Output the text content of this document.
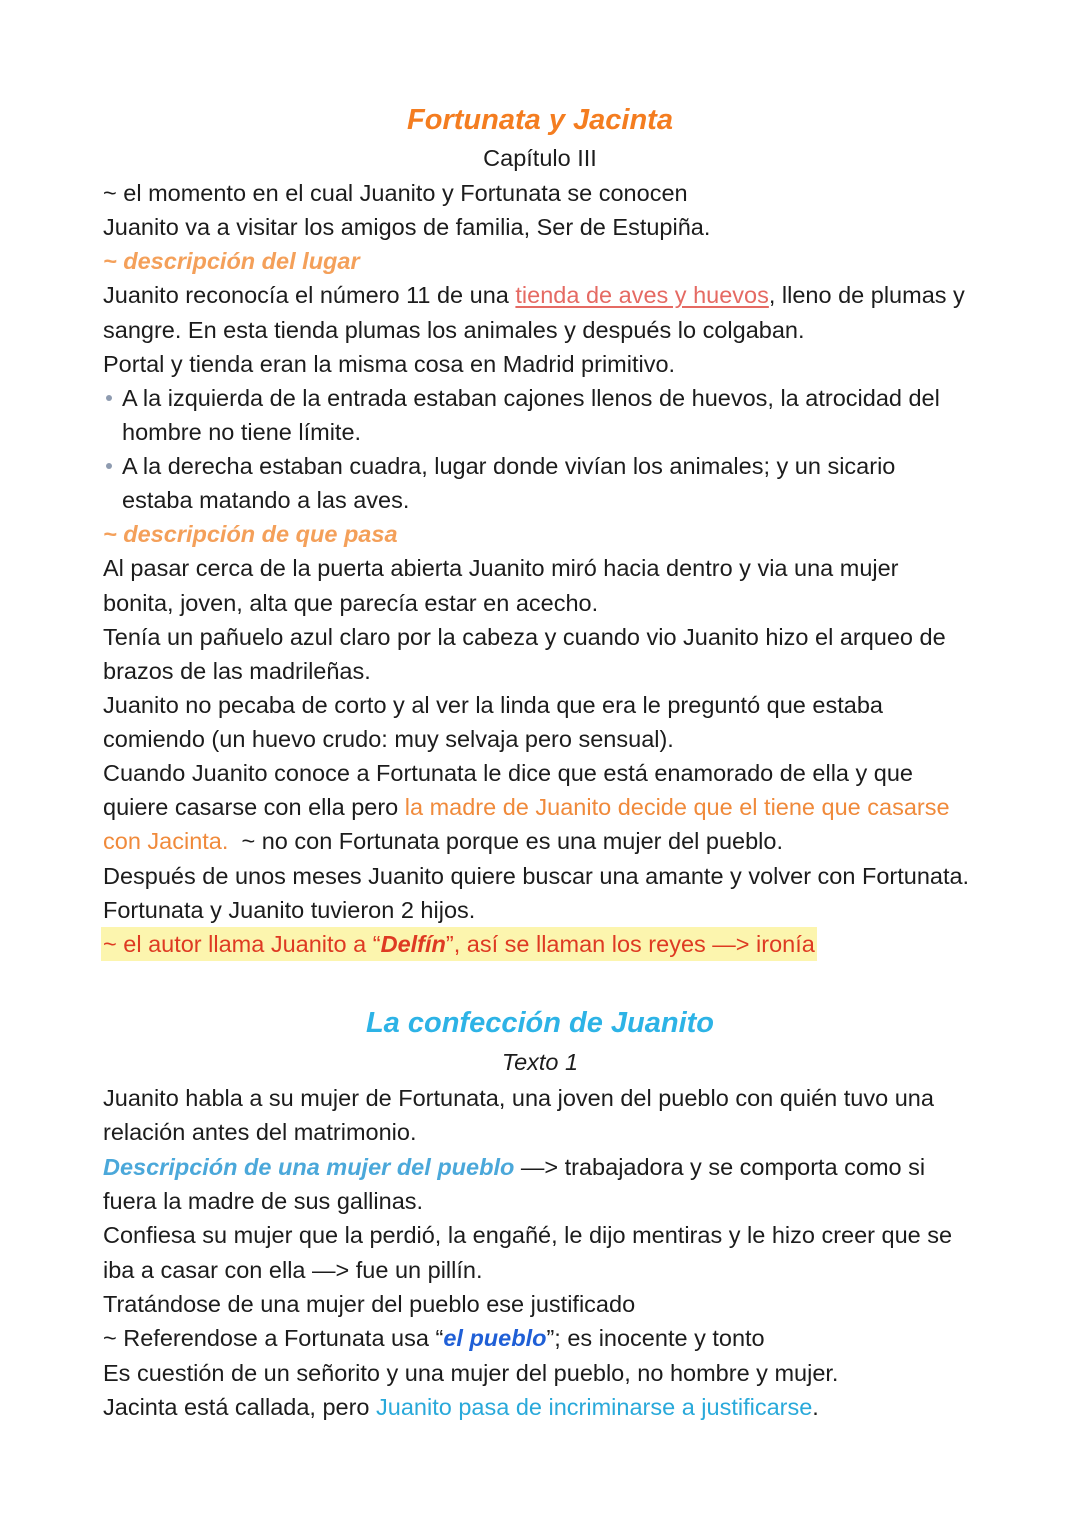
Fortunata y Jacinta
Capítulo III
~ el momento en el cual Juanito y Fortunata se conocen
Juanito va a visitar los amigos de familia, Ser de Estupiña.
~ descripción del lugar
Juanito reconocía el número 11 de una tienda de aves y huevos, lleno de plumas y
sangre. En esta tienda plumas los animales y después lo colgaban.
Portal y tienda eran la misma cosa en Madrid primitivo.
A la izquierda de la entrada estaban cajones llenos de huevos, la atrocidad del
hombre no tiene límite.
A la derecha estaban cuadra, lugar donde vivían los animales; y un sicario
estaba matando a las aves.
~ descripción de que pasa
Al pasar cerca de la puerta abierta Juanito miró hacia dentro y via una mujer
bonita, joven, alta que parecía estar en acecho.
Tenía un pañuelo azul claro por la cabeza y cuando vio Juanito hizo el arqueo de
brazos de las madrileñas.
Juanito no pecaba de corto y al ver la linda que era le preguntó que estaba
comiendo (un huevo crudo: muy selvaja pero sensual).
Cuando Juanito conoce a Fortunata le dice que está enamorado de ella y que
quiere casarse con ella pero la madre de Juanito decide que el tiene que casarse
con Jacinta.  ~ no con Fortunata porque es una mujer del pueblo.
Después de unos meses Juanito quiere buscar una amante y volver con Fortunata.
Fortunata y Juanito tuvieron 2 hijos.
~ el autor llama Juanito a “Delfín”, así se llaman los reyes —> ironía
La confección de Juanito
Texto 1
Juanito habla a su mujer de Fortunata, una joven del pueblo con quién tuvo una
relación antes del matrimonio.
Descripción de una mujer del pueblo —> trabajadora y se comporta como si
fuera la madre de sus gallinas.
Confiesa su mujer que la perdió, la engañé, le dijo mentiras y le hizo creer que se
iba a casar con ella —> fue un pillín.
Tratándose de una mujer del pueblo ese justificado
~ Referendose a Fortunata usa “el pueblo”; es inocente y tonto
Es cuestión de un señorito y una mujer del pueblo, no hombre y mujer.
Jacinta está callada, pero Juanito pasa de incriminarse a justificarse.
